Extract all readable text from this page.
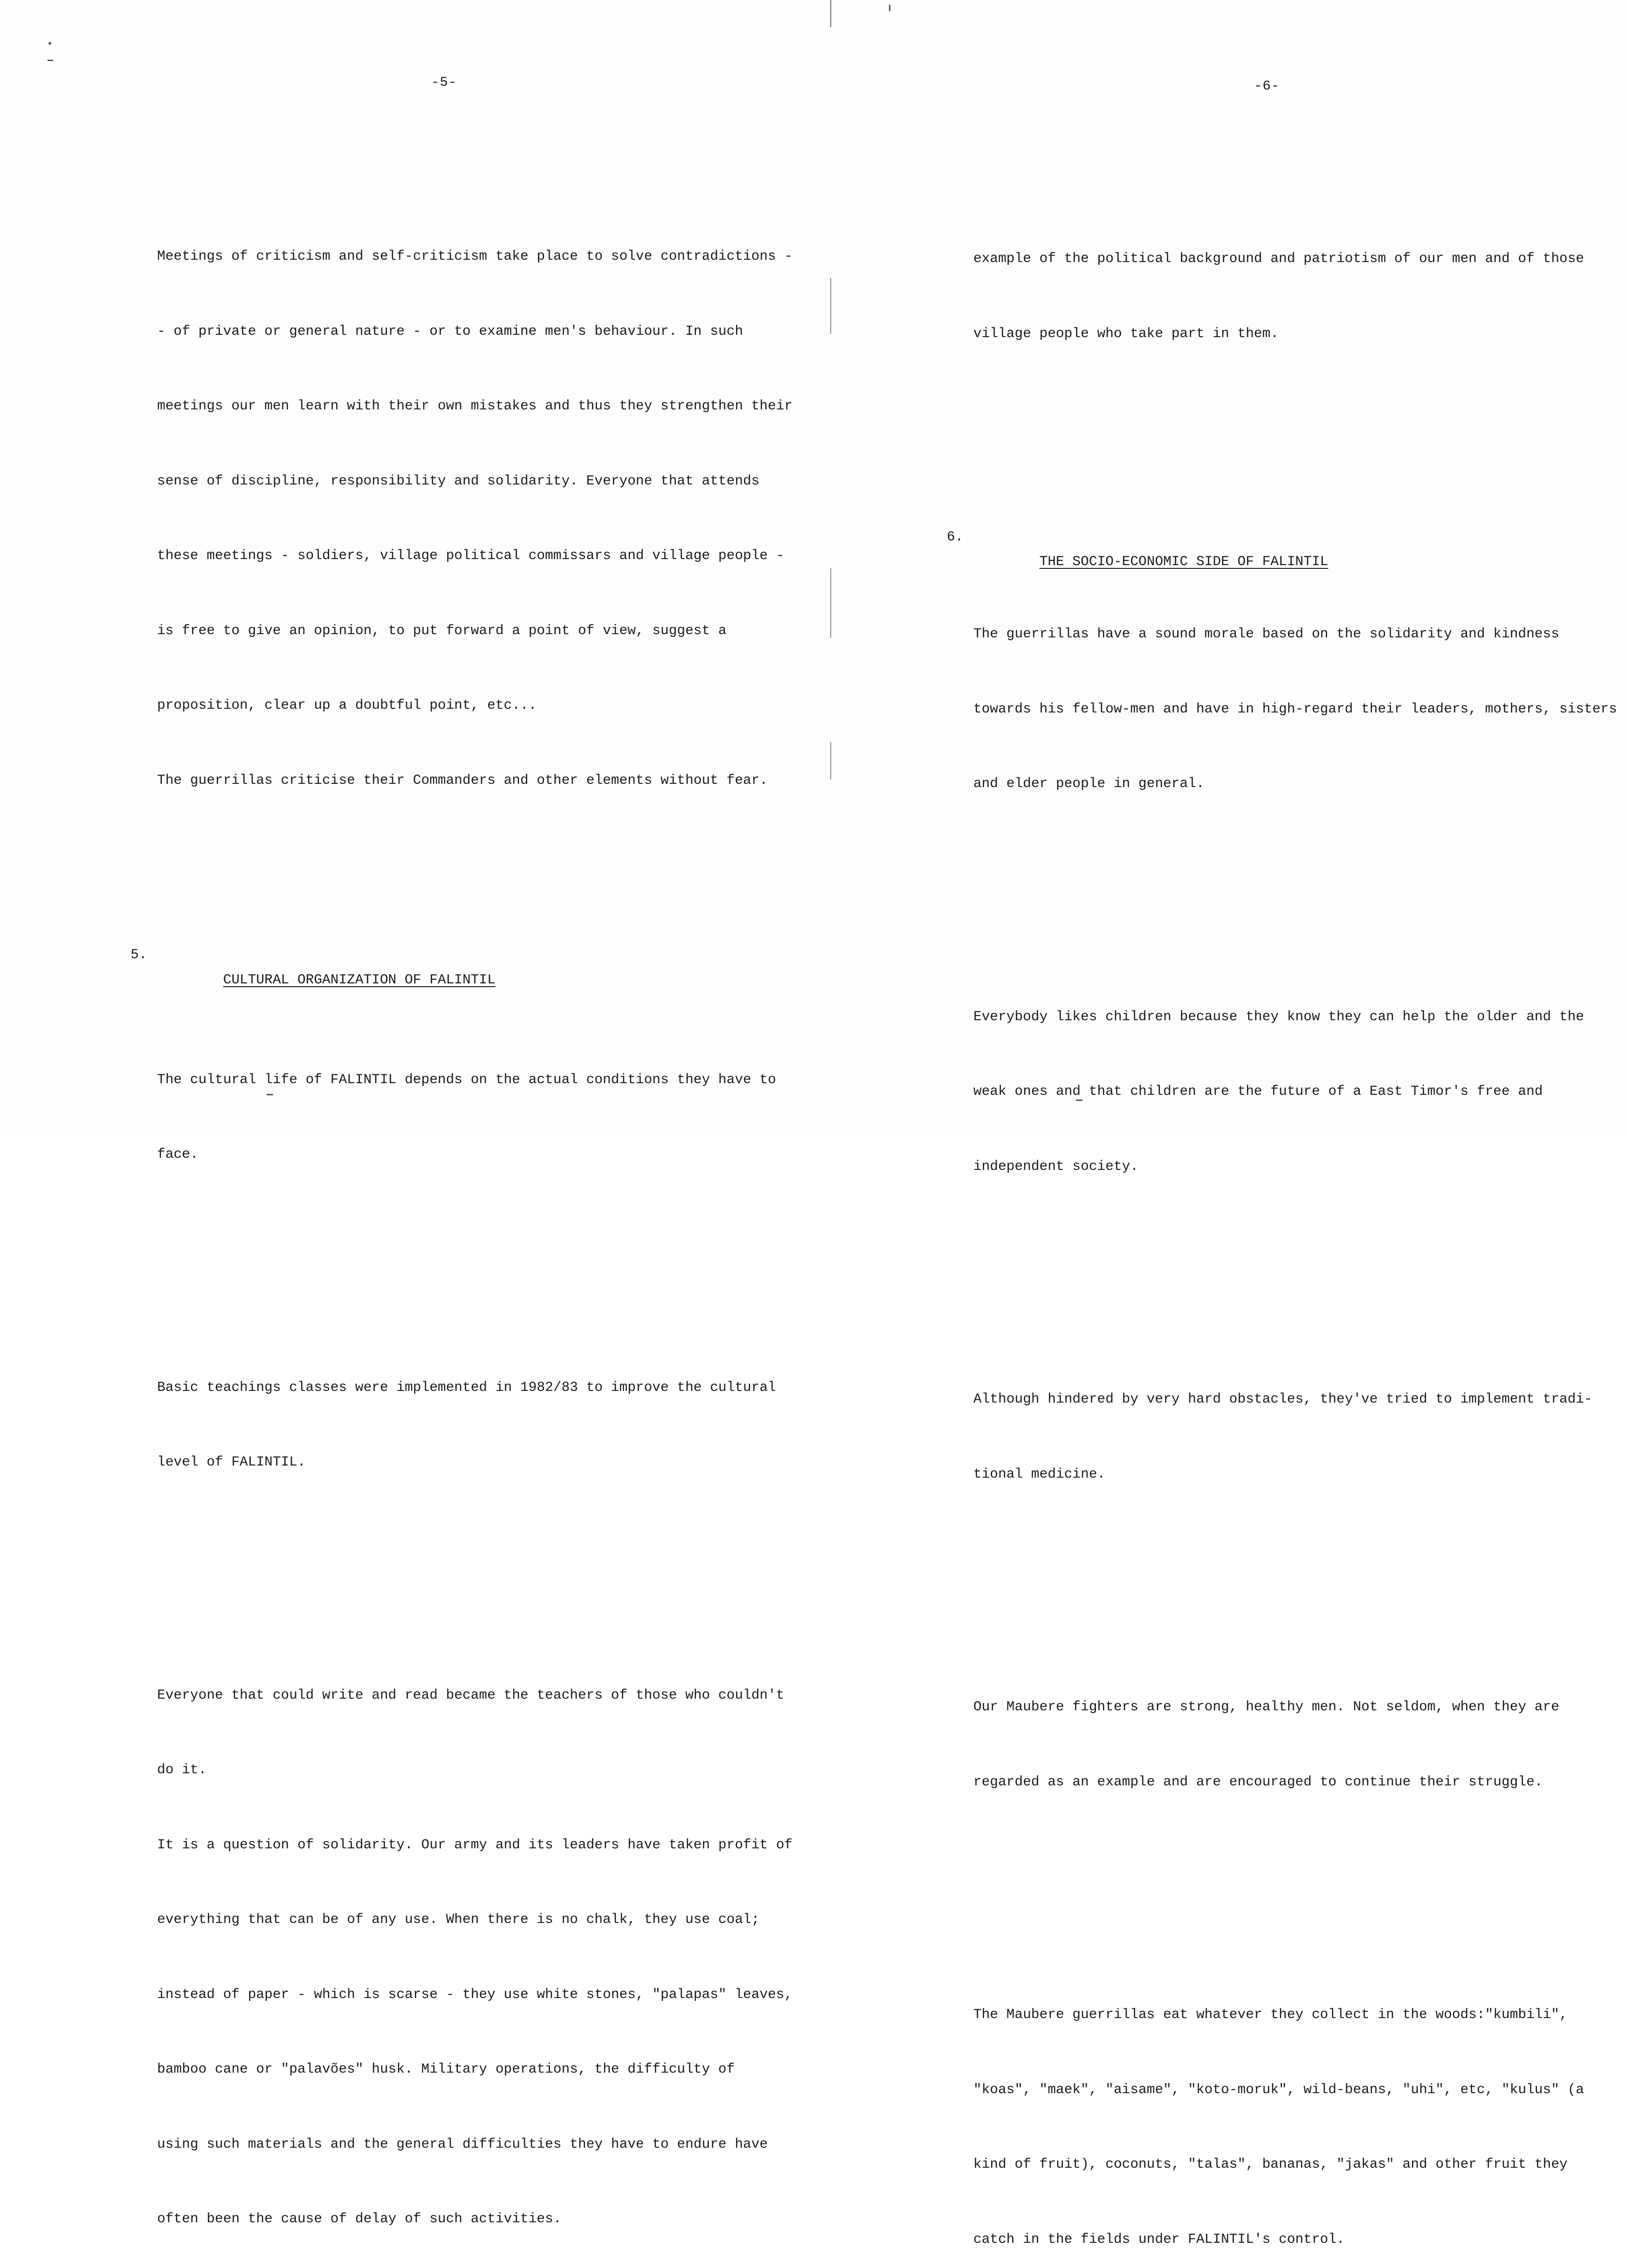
-5-

Meetings of criticism and self-criticism take place to solve contradictions -

- of private or general nature - or to examine men's behaviour. In such

meetings our men learn with their own mistakes and thus they strengthen their

sense of discipline, responsibility and solidarity. Everyone that attends

these meetings - soldiers, village political commissars and village people -

is free to give an opinion, to put forward a point of view, suggest a

proposition, clear up a doubtful point, etc...

The guerrillas criticise their Commanders and other elements without fear.

5.

CULTURAL ORGANIZATION OF FALINTIL

The cultural life of FALINTIL depends on the actual conditions they have to

face.

Basic teachings classes were implemented in 1982/83 to improve the cultural

level of FALINTIL.

Everyone that could write and read became the teachers of those who couldn't

do it.

It is a question of solidarity. Our army and its leaders have taken profit of

everything that can be of any use. When there is no chalk, they use coal;

instead of paper - which is scarse - they use white stones, "palapas" leaves,

bamboo cane or "palavões" husk. Military operations, the difficulty of

using such materials and the general difficulties they have to endure have

often been the cause of delay of such activities.

-6-

example of the political background and patriotism of our men and of those

village people who take part in them.

6.

THE SOCIO-ECONOMIC SIDE OF FALINTIL

The guerrillas have a sound morale based on the solidarity and kindness

towards his fellow-men and have in high-regard their leaders, mothers, sisters

and elder people in general.

Everybody likes children because they know they can help the older and the

weak ones and that children are the future of a East Timor's free and

independent society.

Although hindered by very hard obstacles, they've tried to implement tradi-

tional medicine.

Our Maubere fighters are strong, healthy men. Not seldom, when they are

regarded as an example and are encouraged to continue their struggle.

The Maubere guerrillas eat whatever they collect in the woods:"kumbili",

"koas", "maek", "aisame", "koto-moruk", wild-beans, "uhi", etc, "kulus" (a

kind of fruit), coconuts, "talas", bananas, "jakas" and other fruit they

catch in the fields under FALINTIL's control.
